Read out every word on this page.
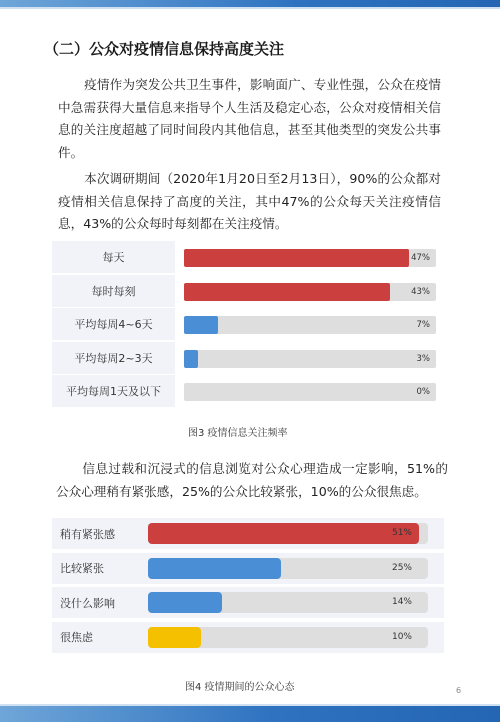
（二）公众对疫情信息保持高度关注
疫情作为突发公共卫生事件，影响面广、专业性强，公众在疫情中急需获得大量信息来指导个人生活及稳定心态，公众对疫情相关信息的关注度超越了同时间段内其他信息，甚至其他类型的突发公共事件。
本次调研期间（2020年1月20日至2月13日），90%的公众都对疫情相关信息保持了高度的关注，其中47%的公众每天关注疫情信息，43%的公众每时每刻都在关注疫情。
每天	47%
每时每刻	43%
平均每周4~6天	7%
平均每周2~3天	3%
平均每周1天及以下	0%
图3 疫情信息关注频率
信息过载和沉浸式的信息浏览对公众心理造成一定影响，51%的公众心理稍有紧张感，25%的公众比较紧张，10%的公众很焦虑。
稍有紧张感	51%
比较紧张	25%
没什么影响	14%
很焦虑	10%
图4 疫情期间的公众心态	6
